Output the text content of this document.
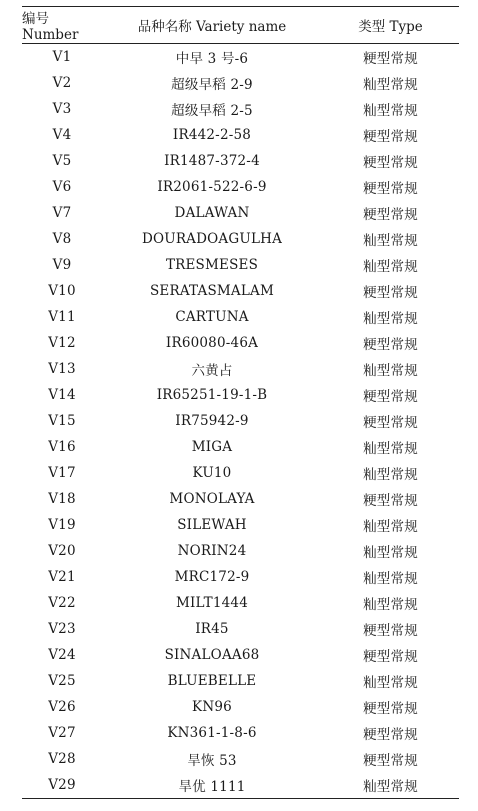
编号 Number	品种名称 Variety name	类型 Type
V1	中早 3 号-6	粳型常规
V2	超级早稻 2-9	籼型常规
V3	超级早稻 2-5	籼型常规
V4	IR442-2-58	粳型常规
V5	IR1487-372-4	粳型常规
V6	IR2061-522-6-9	粳型常规
V7	DALAWAN	粳型常规
V8	DOURADOAGULHA	籼型常规
V9	TRESMESES	籼型常规
V10	SERATASMALAM	粳型常规
V11	CARTUNA	籼型常规
V12	IR60080-46A	粳型常规
V13	六黄占	籼型常规
V14	IR65251-19-1-B	粳型常规
V15	IR75942-9	粳型常规
V16	MIGA	籼型常规
V17	KU10	籼型常规
V18	MONOLAYA	粳型常规
V19	SILEWAH	籼型常规
V20	NORIN24	籼型常规
V21	MRC172-9	籼型常规
V22	MILT1444	籼型常规
V23	IR45	粳型常规
V24	SINALOAA68	粳型常规
V25	BLUEBELLE	籼型常规
V26	KN96	粳型常规
V27	KN361-1-8-6	粳型常规
V28	旱恢 53	粳型常规
V29	旱优 1111	籼型常规
